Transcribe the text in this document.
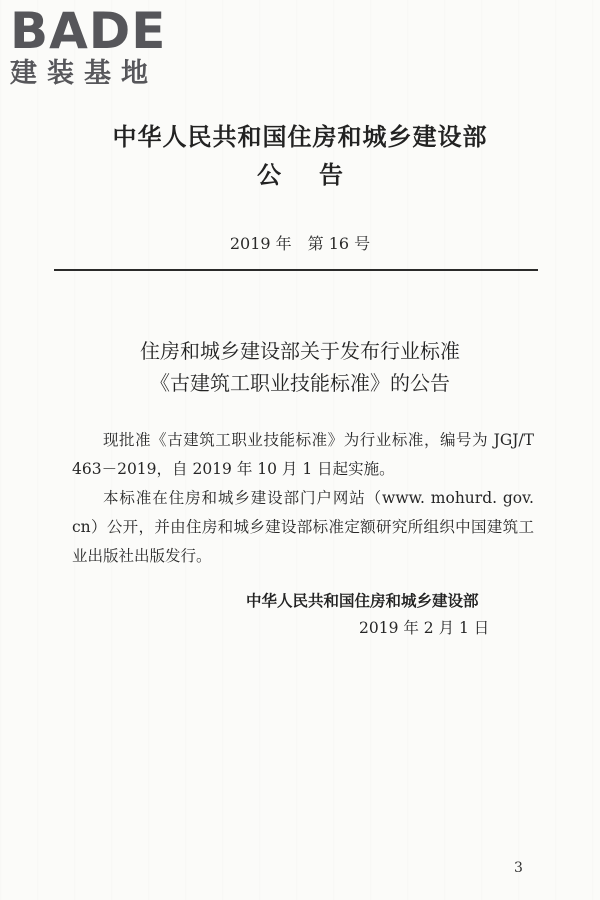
BADE
建装基地
中华人民共和国住房和城乡建设部
公告
2019 年　第 16 号
住房和城乡建设部关于发布行业标准
《古建筑工职业技能标准》的公告

现批准《古建筑工职业技能标准》为行业标准，编号为 JGJ/T 463－2019，自 2019 年 10 月 1 日起实施。

本标准在住房和城乡建设部门户网站（www. mohurd. gov. cn）公开，并由住房和城乡建设部标准定额研究所组织中国建筑工业出版社出版发行。

中华人民共和国住房和城乡建设部
2019 年 2 月 1 日
3
